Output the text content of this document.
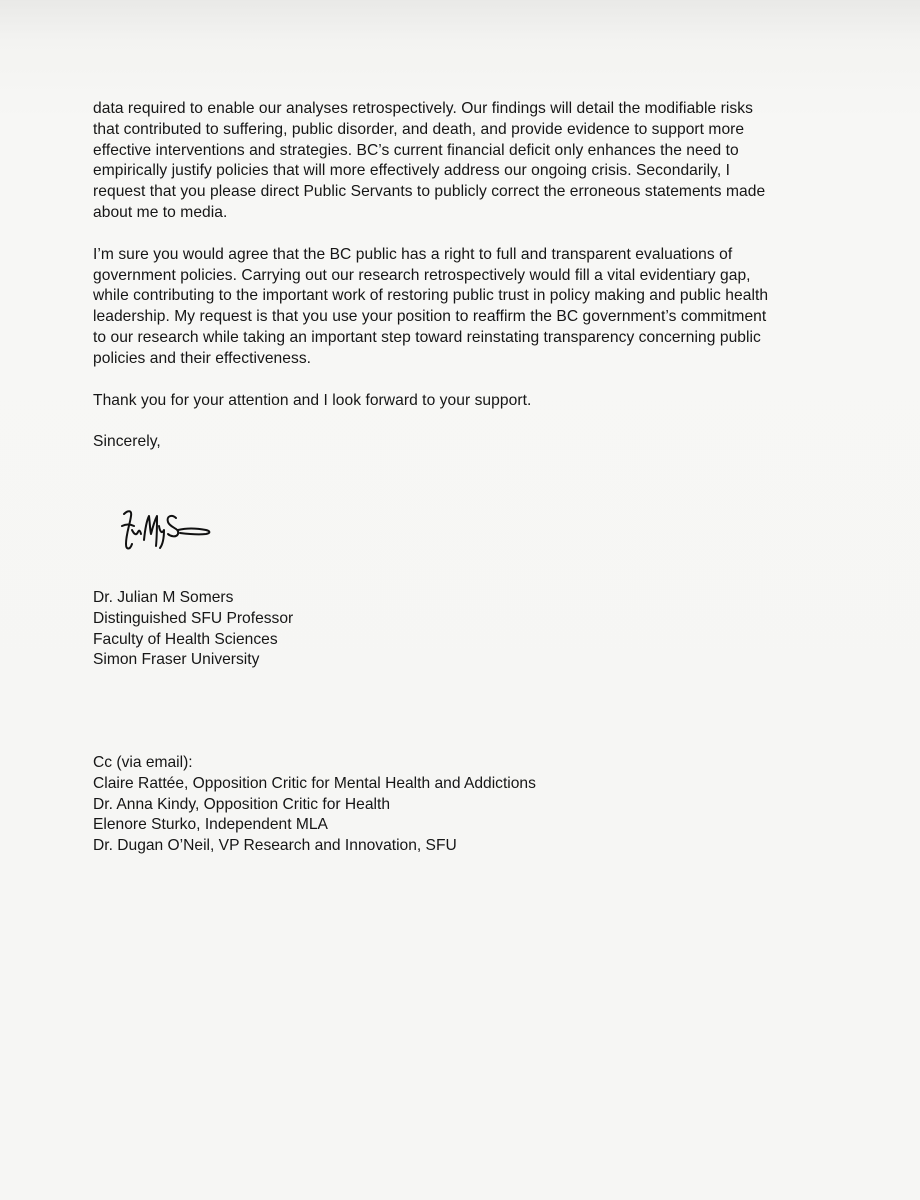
data required to enable our analyses retrospectively. Our findings will detail the modifiable risks
that contributed to suffering, public disorder, and death, and provide evidence to support more
effective interventions and strategies. BC’s current financial deficit only enhances the need to
empirically justify policies that will more effectively address our ongoing crisis. Secondarily, I
request that you please direct Public Servants to publicly correct the erroneous statements made
about me to media.

I’m sure you would agree that the BC public has a right to full and transparent evaluations of
government policies. Carrying out our research retrospectively would fill a vital evidentiary gap,
while contributing to the important work of restoring public trust in policy making and public health
leadership. My request is that you use your position to reaffirm the BC government’s commitment
to our research while taking an important step toward reinstating transparency concerning public
policies and their effectiveness.

Thank you for your attention and I look forward to your support.

Sincerely,

Dr. Julian M Somers
Distinguished SFU Professor
Faculty of Health Sciences
Simon Fraser University
Cc (via email):
Claire Rattée, Opposition Critic for Mental Health and Addictions
Dr. Anna Kindy, Opposition Critic for Health
Elenore Sturko, Independent MLA
Dr. Dugan O’Neil, VP Research and Innovation, SFU
